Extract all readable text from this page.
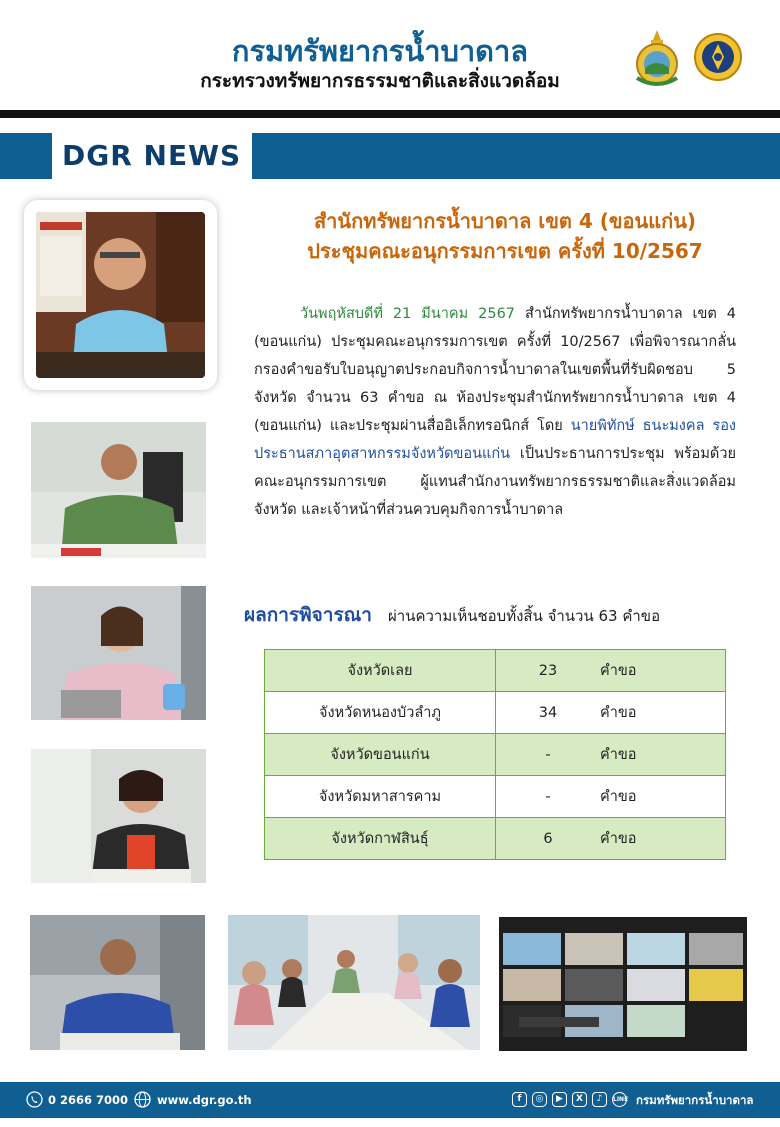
กรมทรัพยากรน้ำบาดาล
กระทรวงทรัพยากรธรรมชาติและสิ่งแวดล้อม
DGR NEWS
สำนักทรัพยากรน้ำบาดาล เขต 4 (ขอนแก่น)
ประชุมคณะอนุกรรมการเขต ครั้งที่ 10/2567
วันพฤหัสบดีที่ 21 มีนาคม 2567 สำนักทรัพยากรน้ำบาดาล เขต 4 (ขอนแก่น) ประชุมคณะอนุกรรมการเขต ครั้งที่ 10/2567 เพื่อพิจารณากลั่นกรองคำขอรับใบอนุญาตประกอบกิจการน้ำบาดาลในเขตพื้นที่รับผิดชอบ 5 จังหวัด จำนวน 63 คำขอ ณ ห้องประชุมสำนักทรัพยากรน้ำบาดาล เขต 4 (ขอนแก่น) และประชุมผ่านสื่ออิเล็กทรอนิกส์ โดย นายพิทักษ์ ธนะมงคล รองประธานสภาอุตสาหกรรมจังหวัดขอนแก่น เป็นประธานการประชุม พร้อมด้วยคณะอนุกรรมการเขต ผู้แทนสำนักงานทรัพยากรธรรมชาติและสิ่งแวดล้อมจังหวัด และเจ้าหน้าที่ส่วนควบคุมกิจการน้ำบาดาล
ผลการพิจารณา ผ่านความเห็นชอบทั้งสิ้น จำนวน 63 คำขอ
จังหวัดเลย	23 คำขอ
จังหวัดหนองบัวลำภู	34 คำขอ
จังหวัดขอนแก่น	- คำขอ
จังหวัดมหาสารคาม	- คำขอ
จังหวัดกาฬสินธุ์	6 คำขอ
0 2666 7000	www.dgr.go.th	f	◎	▶	X	♪	LINE กรมทรัพยากรน้ำบาดาล
